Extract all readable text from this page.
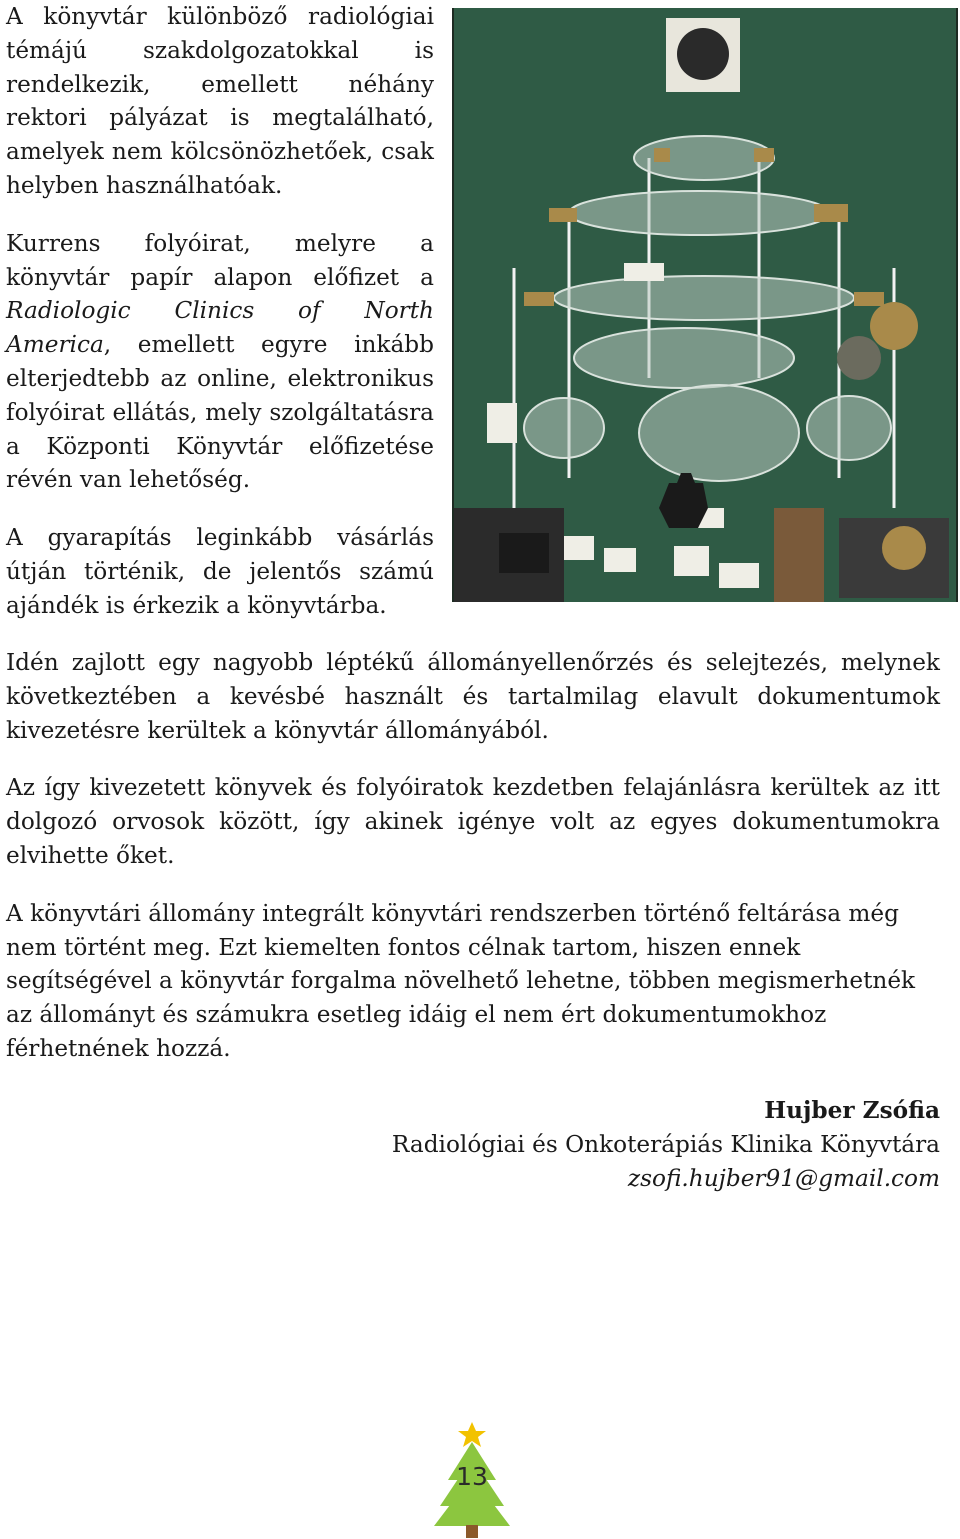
A könyvtár különböző radiológiai témájú szakdolgozatokkal is rendelkezik, emellett néhány rektori pályázat is megtalálható, amelyek nem kölcsönözhetőek, csak helyben használhatóak.

Kurrens folyóirat, melyre a könyvtár papír alapon előfizet a Radiologic Clinics of North America, emellett egyre inkább elterjedtebb az online, elektronikus folyóirat ellátás, mely szolgáltatásra a Központi Könyvtár előfizetése révén van lehetőség.

A gyarapítás leginkább vásárlás útján történik, de jelentős számú ajándék is érkezik a könyvtárba.

Idén zajlott egy nagyobb léptékű állományellenőrzés és selejtezés, melynek következtében a kevésbé használt és tartalmilag elavult dokumentumok kivezetésre kerültek a könyvtár állományából.

Az így kivezetett könyvek és folyóiratok kezdetben felajánlásra kerültek az itt dolgozó orvosok között, így akinek igénye volt az egyes dokumentumokra elvihette őket.

A könyvtári állomány integrált könyvtári rendszerben történő feltárása még nem történt meg. Ezt kiemelten fontos célnak tartom, hiszen ennek segítségével a könyvtár forgalma növelhető lehetne, többen megismerhetnék az állományt és számukra esetleg idáig el nem ért dokumentumokhoz férhetnének hozzá.

Hujber Zsófia
Radiológiai és Onkoterápiás Klinika Könyvtára
zsofi.hujber91@gmail.com
13
